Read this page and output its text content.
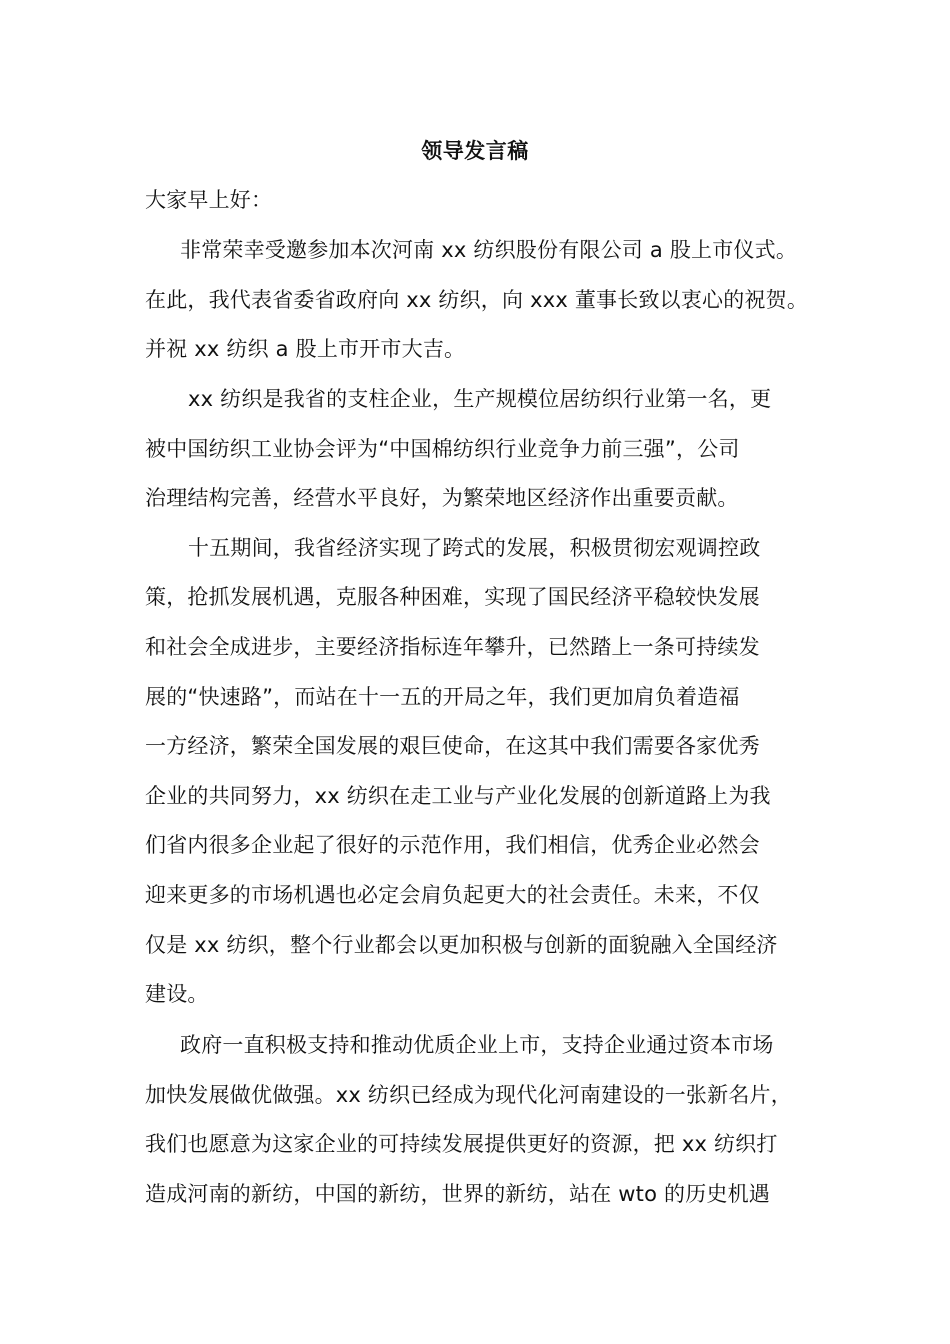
领导发言稿
大家早上好：
非常荣幸受邀参加本次河南 xx 纺织股份有限公司 a 股上市仪式。
在此，我代表省委省政府向 xx 纺织，向 xxx 董事长致以衷心的祝贺。
并祝 xx 纺织 a 股上市开市大吉。
xx 纺织是我省的支柱企业，生产规模位居纺织行业第一名，更
被中国纺织工业协会评为“中国棉纺织行业竞争力前三强”，公司
治理结构完善，经营水平良好，为繁荣地区经济作出重要贡献。
十五期间，我省经济实现了跨式的发展，积极贯彻宏观调控政
策，抢抓发展机遇，克服各种困难，实现了国民经济平稳较快发展
和社会全成进步，主要经济指标连年攀升，已然踏上一条可持续发
展的“快速路”，而站在十一五的开局之年，我们更加肩负着造福
一方经济，繁荣全国发展的艰巨使命，在这其中我们需要各家优秀
企业的共同努力，xx 纺织在走工业与产业化发展的创新道路上为我
们省内很多企业起了很好的示范作用，我们相信，优秀企业必然会
迎来更多的市场机遇也必定会肩负起更大的社会责任。未来，不仅
仅是 xx 纺织，整个行业都会以更加积极与创新的面貌融入全国经济
建设。
政府一直积极支持和推动优质企业上市，支持企业通过资本市场
加快发展做优做强。xx 纺织已经成为现代化河南建设的一张新名片，
我们也愿意为这家企业的可持续发展提供更好的资源，把 xx 纺织打
造成河南的新纺，中国的新纺，世界的新纺，站在 wto 的历史机遇
